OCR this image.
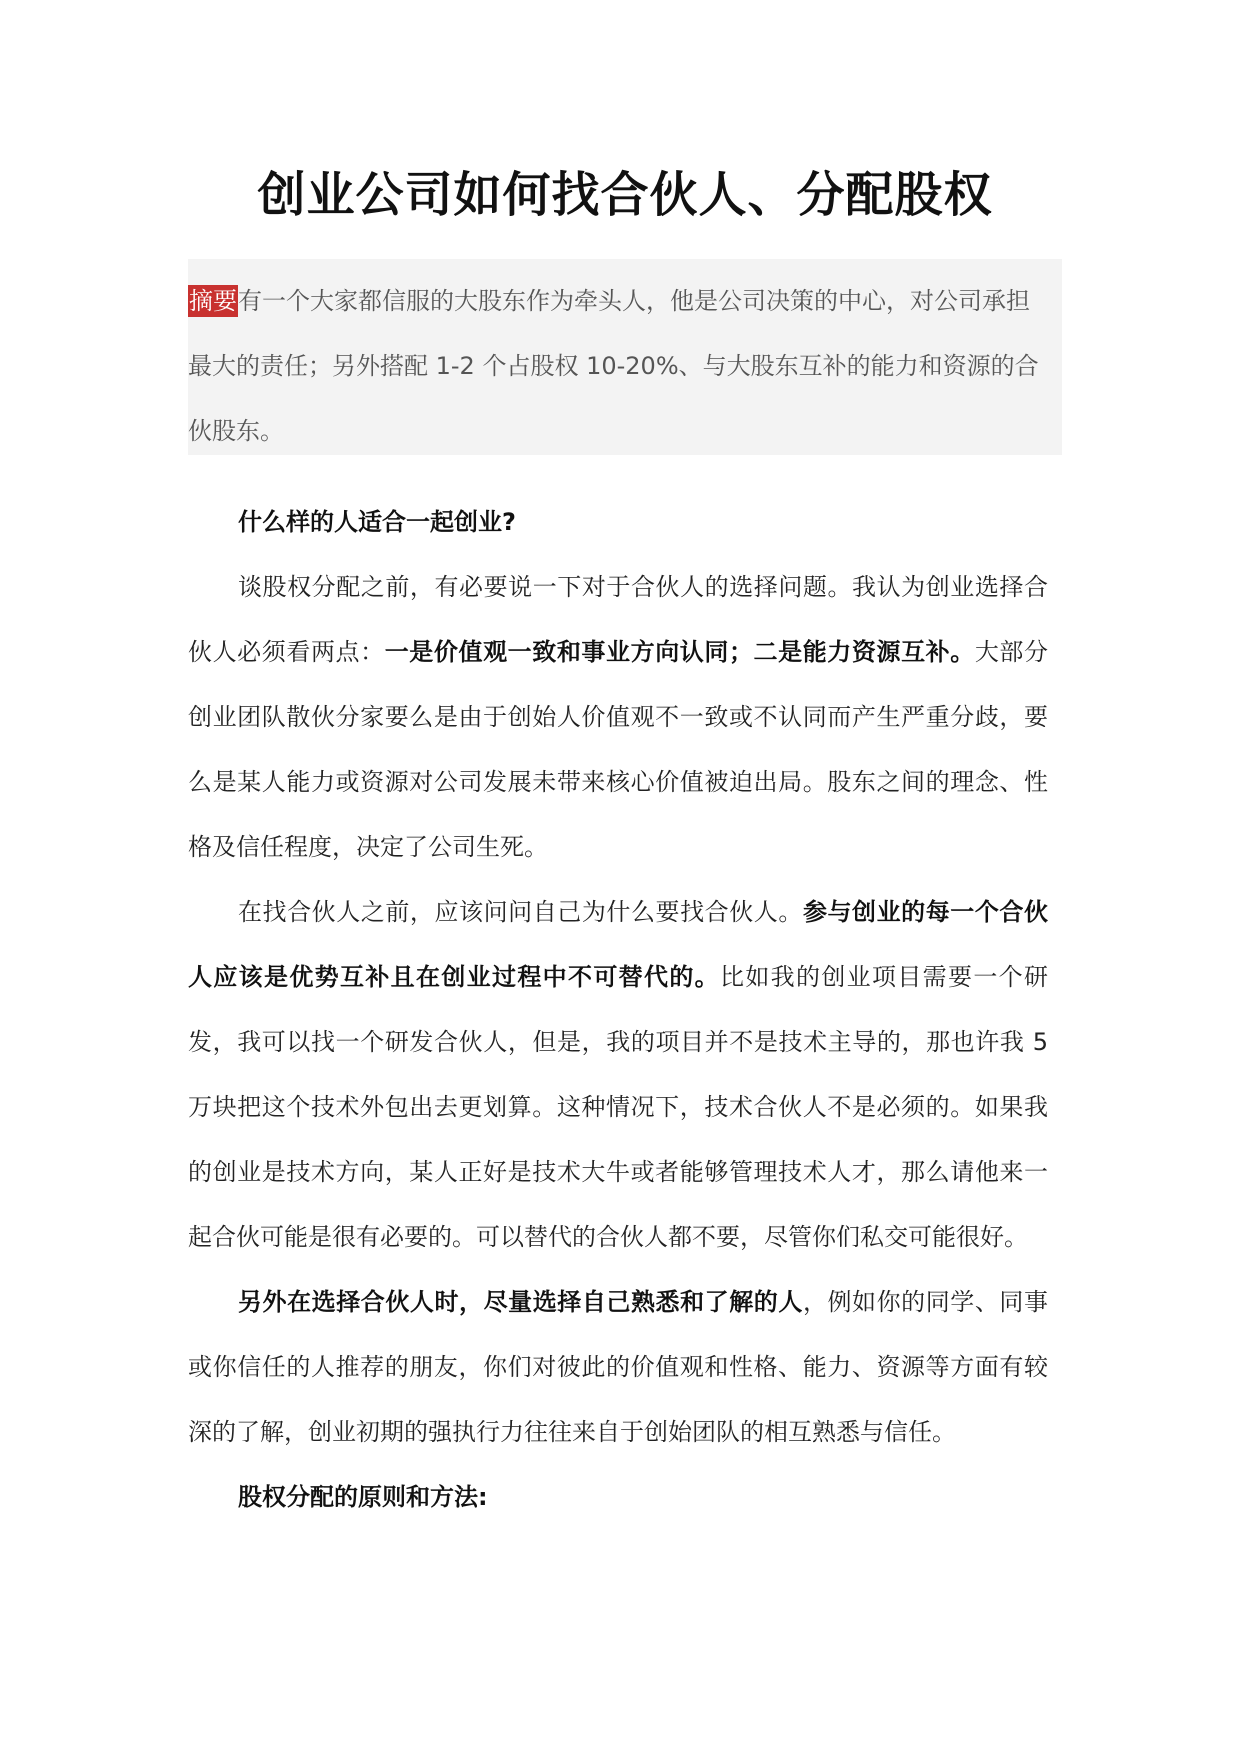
创业公司如何找合伙人、分配股权
摘要有一个大家都信服的大股东作为牵头人，他是公司决策的中心，对公司承担最大的责任；另外搭配 1-2 个占股权 10-20%、与大股东互补的能力和资源的合伙股东。

什么样的人适合一起创业?

谈股权分配之前，有必要说一下对于合伙人的选择问题。我认为创业选择合伙人必须看两点：一是价值观一致和事业方向认同；二是能力资源互补。大部分创业团队散伙分家要么是由于创始人价值观不一致或不认同而产生严重分歧，要么是某人能力或资源对公司发展未带来核心价值被迫出局。股东之间的理念、性格及信任程度，决定了公司生死。

在找合伙人之前，应该问问自己为什么要找合伙人。参与创业的每一个合伙人应该是优势互补且在创业过程中不可替代的。比如我的创业项目需要一个研发，我可以找一个研发合伙人，但是，我的项目并不是技术主导的，那也许我 5 万块把这个技术外包出去更划算。这种情况下，技术合伙人不是必须的。如果我的创业是技术方向，某人正好是技术大牛或者能够管理技术人才，那么请他来一起合伙可能是很有必要的。可以替代的合伙人都不要，尽管你们私交可能很好。

另外在选择合伙人时，尽量选择自己熟悉和了解的人，例如你的同学、同事或你信任的人推荐的朋友，你们对彼此的价值观和性格、能力、资源等方面有较深的了解，创业初期的强执行力往往来自于创始团队的相互熟悉与信任。

股权分配的原则和方法:
